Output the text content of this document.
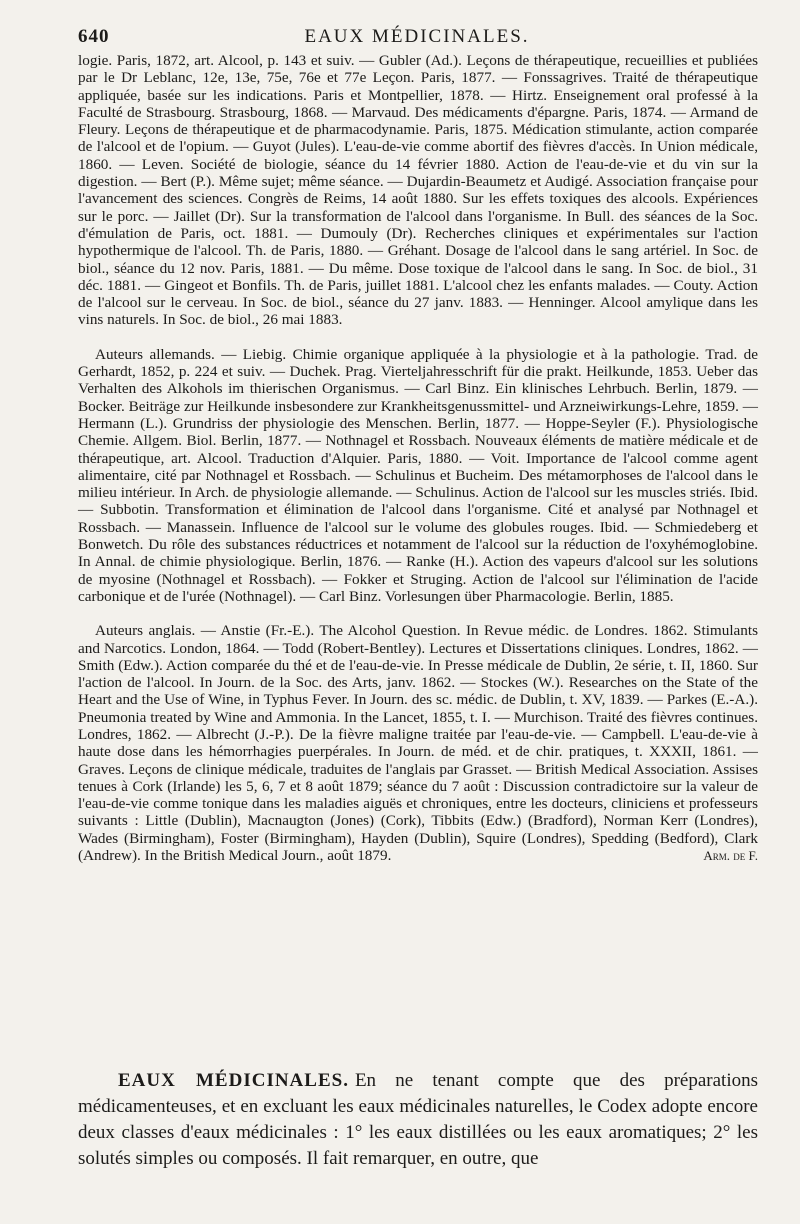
640	EAUX MÉDICINALES.

logie. Paris, 1872, art. Alcool, p. 143 et suiv. — Gubler (Ad.). Leçons de thérapeutique, recueillies et publiées par le Dr Leblanc, 12e, 13e, 75e, 76e et 77e Leçon. Paris, 1877. — Fonssagrives. Traité de thérapeutique appliquée, basée sur les indications. Paris et Montpellier, 1878. — Hirtz. Enseignement oral professé à la Faculté de Strasbourg. Strasbourg, 1868. — Marvaud. Des médicaments d'épargne. Paris, 1874. — Armand de Fleury. Leçons de thérapeutique et de pharmacodynamie. Paris, 1875. Médication stimulante, action comparée de l'alcool et de l'opium. — Guyot (Jules). L'eau-de-vie comme abortif des fièvres d'accès. In Union médicale, 1860. — Leven. Société de biologie, séance du 14 février 1880. Action de l'eau-de-vie et du vin sur la digestion. — Bert (P.). Même sujet; même séance. — Dujardin-Beaumetz et Audigé. Association française pour l'avancement des sciences. Congrès de Reims, 14 août 1880. Sur les effets toxiques des alcools. Expériences sur le porc. — Jaillet (Dr). Sur la transformation de l'alcool dans l'organisme. In Bull. des séances de la Soc. d'émulation de Paris, oct. 1881. — Dumouly (Dr). Recherches cliniques et expérimentales sur l'action hypothermique de l'alcool. Th. de Paris, 1880. — Gréhant. Dosage de l'alcool dans le sang artériel. In Soc. de biol., séance du 12 nov. Paris, 1881. — Du même. Dose toxique de l'alcool dans le sang. In Soc. de biol., 31 déc. 1881. — Gingeot et Bonfils. Th. de Paris, juillet 1881. L'alcool chez les enfants malades. — Couty. Action de l'alcool sur le cerveau. In Soc. de biol., séance du 27 janv. 1883. — Henninger. Alcool amylique dans les vins naturels. In Soc. de biol., 26 mai 1883.

Auteurs allemands. — Liebig. Chimie organique appliquée à la physiologie et à la pathologie. Trad. de Gerhardt, 1852, p. 224 et suiv. — Duchek. Prag. Vierteljahresschrift für die prakt. Heilkunde, 1853. Ueber das Verhalten des Alkohols im thierischen Organismus. — Carl Binz. Ein klinisches Lehrbuch. Berlin, 1879. — Bocker. Beiträge zur Heilkunde insbesondere zur Krankheitsgenussmittel- und Arzneiwirkungs-Lehre, 1859. — Hermann (L.). Grundriss der physiologie des Menschen. Berlin, 1877. — Hoppe-Seyler (F.). Physiologische Chemie. Allgem. Biol. Berlin, 1877. — Nothnagel et Rossbach. Nouveaux éléments de matière médicale et de thérapeutique, art. Alcool. Traduction d'Alquier. Paris, 1880. — Voit. Importance de l'alcool comme agent alimentaire, cité par Nothnagel et Rossbach. — Schulinus et Bucheim. Des métamorphoses de l'alcool dans le milieu intérieur. In Arch. de physiologie allemande. — Schulinus. Action de l'alcool sur les muscles striés. Ibid. — Subbotin. Transformation et élimination de l'alcool dans l'organisme. Cité et analysé par Nothnagel et Rossbach. — Manassein. Influence de l'alcool sur le volume des globules rouges. Ibid. — Schmiedeberg et Bonwetch. Du rôle des substances réductrices et notamment de l'alcool sur la réduction de l'oxyhémoglobine. In Annal. de chimie physiologique. Berlin, 1876. — Ranke (H.). Action des vapeurs d'alcool sur les solutions de myosine (Nothnagel et Rossbach). — Fokker et Struging. Action de l'alcool sur l'élimination de l'acide carbonique et de l'urée (Nothnagel). — Carl Binz. Vorlesungen über Pharmacologie. Berlin, 1885.

Auteurs anglais. — Anstie (Fr.-E.). The Alcohol Question. In Revue médic. de Londres. 1862. Stimulants and Narcotics. London, 1864. — Todd (Robert-Bentley). Lectures et Dissertations cliniques. Londres, 1862. — Smith (Edw.). Action comparée du thé et de l'eau-de-vie. In Presse médicale de Dublin, 2e série, t. II, 1860. Sur l'action de l'alcool. In Journ. de la Soc. des Arts, janv. 1862. — Stockes (W.). Researches on the State of the Heart and the Use of Wine, in Typhus Fever. In Journ. des sc. médic. de Dublin, t. XV, 1839. — Parkes (E.-A.). Pneumonia treated by Wine and Ammonia. In the Lancet, 1855, t. I. — Murchison. Traité des fièvres continues. Londres, 1862. — Albrecht (J.-P.). De la fièvre maligne traitée par l'eau-de-vie. — Campbell. L'eau-de-vie à haute dose dans les hémorrhagies puerpérales. In Journ. de méd. et de chir. pratiques, t. XXXII, 1861. — Graves. Leçons de clinique médicale, traduites de l'anglais par Grasset. — British Medical Association. Assises tenues à Cork (Irlande) les 5, 6, 7 et 8 août 1879; séance du 7 août : Discussion contradictoire sur la valeur de l'eau-de-vie comme tonique dans les maladies aiguës et chroniques, entre les docteurs, cliniciens et professeurs suivants : Little (Dublin), Macnaugton (Jones) (Cork), Tibbits (Edw.) (Bradford), Norman Kerr (Londres), Wades (Birmingham), Foster (Birmingham), Hayden (Dublin), Squire (Londres), Spedding (Bedford), Clark (Andrew). In the British Medical Journ., août 1879.	Arm. de F.

EAUX MÉDICINALES. En ne tenant compte que des préparations médicamenteuses, et en excluant les eaux médicinales naturelles, le Codex adopte encore deux classes d'eaux médicinales : 1° les eaux distillées ou les eaux aromatiques; 2° les solutés simples ou composés. Il fait remarquer, en outre, que
